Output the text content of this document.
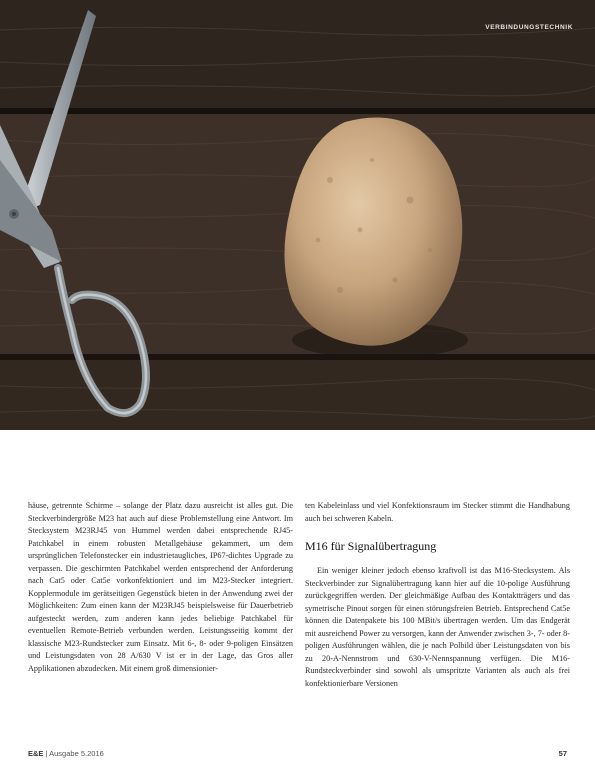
VERBINDUNGSTECHNIK

häuse, getrennte Schirme – solange der Platz dazu ausreicht ist alles gut. Die Steckverbindergröße M23 hat auch auf diese Problemstellung eine Antwort. Im Stecksystem M23RJ45 von Hummel werden dabei entsprechende RJ45-Patchkabel in einem robusten Metallgehäuse gekammert, um dem ursprünglichen Telefonstecker ein industrietaugliches, IP67-dichtes Upgrade zu verpassen. Die geschirmten Patchkabel werden entsprechend der Anforderung nach Cat5 oder Cat5e vorkonfektioniert und im M23-Stecker integriert. Kopplermodule im gerätseitigen Gegenstück bieten in der Anwendung zwei der Möglichkeiten: Zum einen kann der M23RJ45 beispielsweise für Dauerbetrieb aufgesteckt werden, zum anderen kann jedes beliebige Patchkabel für eventuellen Remote-Betrieb verbunden werden. Leistungsseitig kommt der klassische M23-Rundstecker zum Einsatz. Mit 6-, 8- oder 9-poligen Einsätzen und Leistungsdaten von 28 A/630 V ist er in der Lage, das Gros aller Applikationen abzudecken. Mit einem groß dimensionier-

ten Kabeleinlass und viel Konfektionsraum im Stecker stimmt die Handhabung auch bei schweren Kabeln.

M16 für Signalübertragung

Ein weniger kleiner jedoch ebenso kraftvoll ist das M16-Stecksystem. Als Steckverbinder zur Signalübertragung kann hier auf die 10-polige Ausführung zurückgegriffen werden. Der gleichmäßige Aufbau des Kontaktträgers und das symetrische Pinout sorgen für einen störungsfreien Betrieb. Entsprechend Cat5e können die Datenpakete bis 100 MBit/s übertragen werden. Um das Endgerät mit ausreichend Power zu versorgen, kann der Anwender zwischen 3-, 7- oder 8-poligen Ausführungen wählen, die je nach Polbild über Leistungsdaten von bis zu 20-A-Nennstrom und 630-V-Nennspannung verfügen. Die M16-Rundsteckverbinder sind sowohl als umspritzte Varianten als auch als frei konfektionierbare Versionen

E&E | Ausgabe 5.2016	57
